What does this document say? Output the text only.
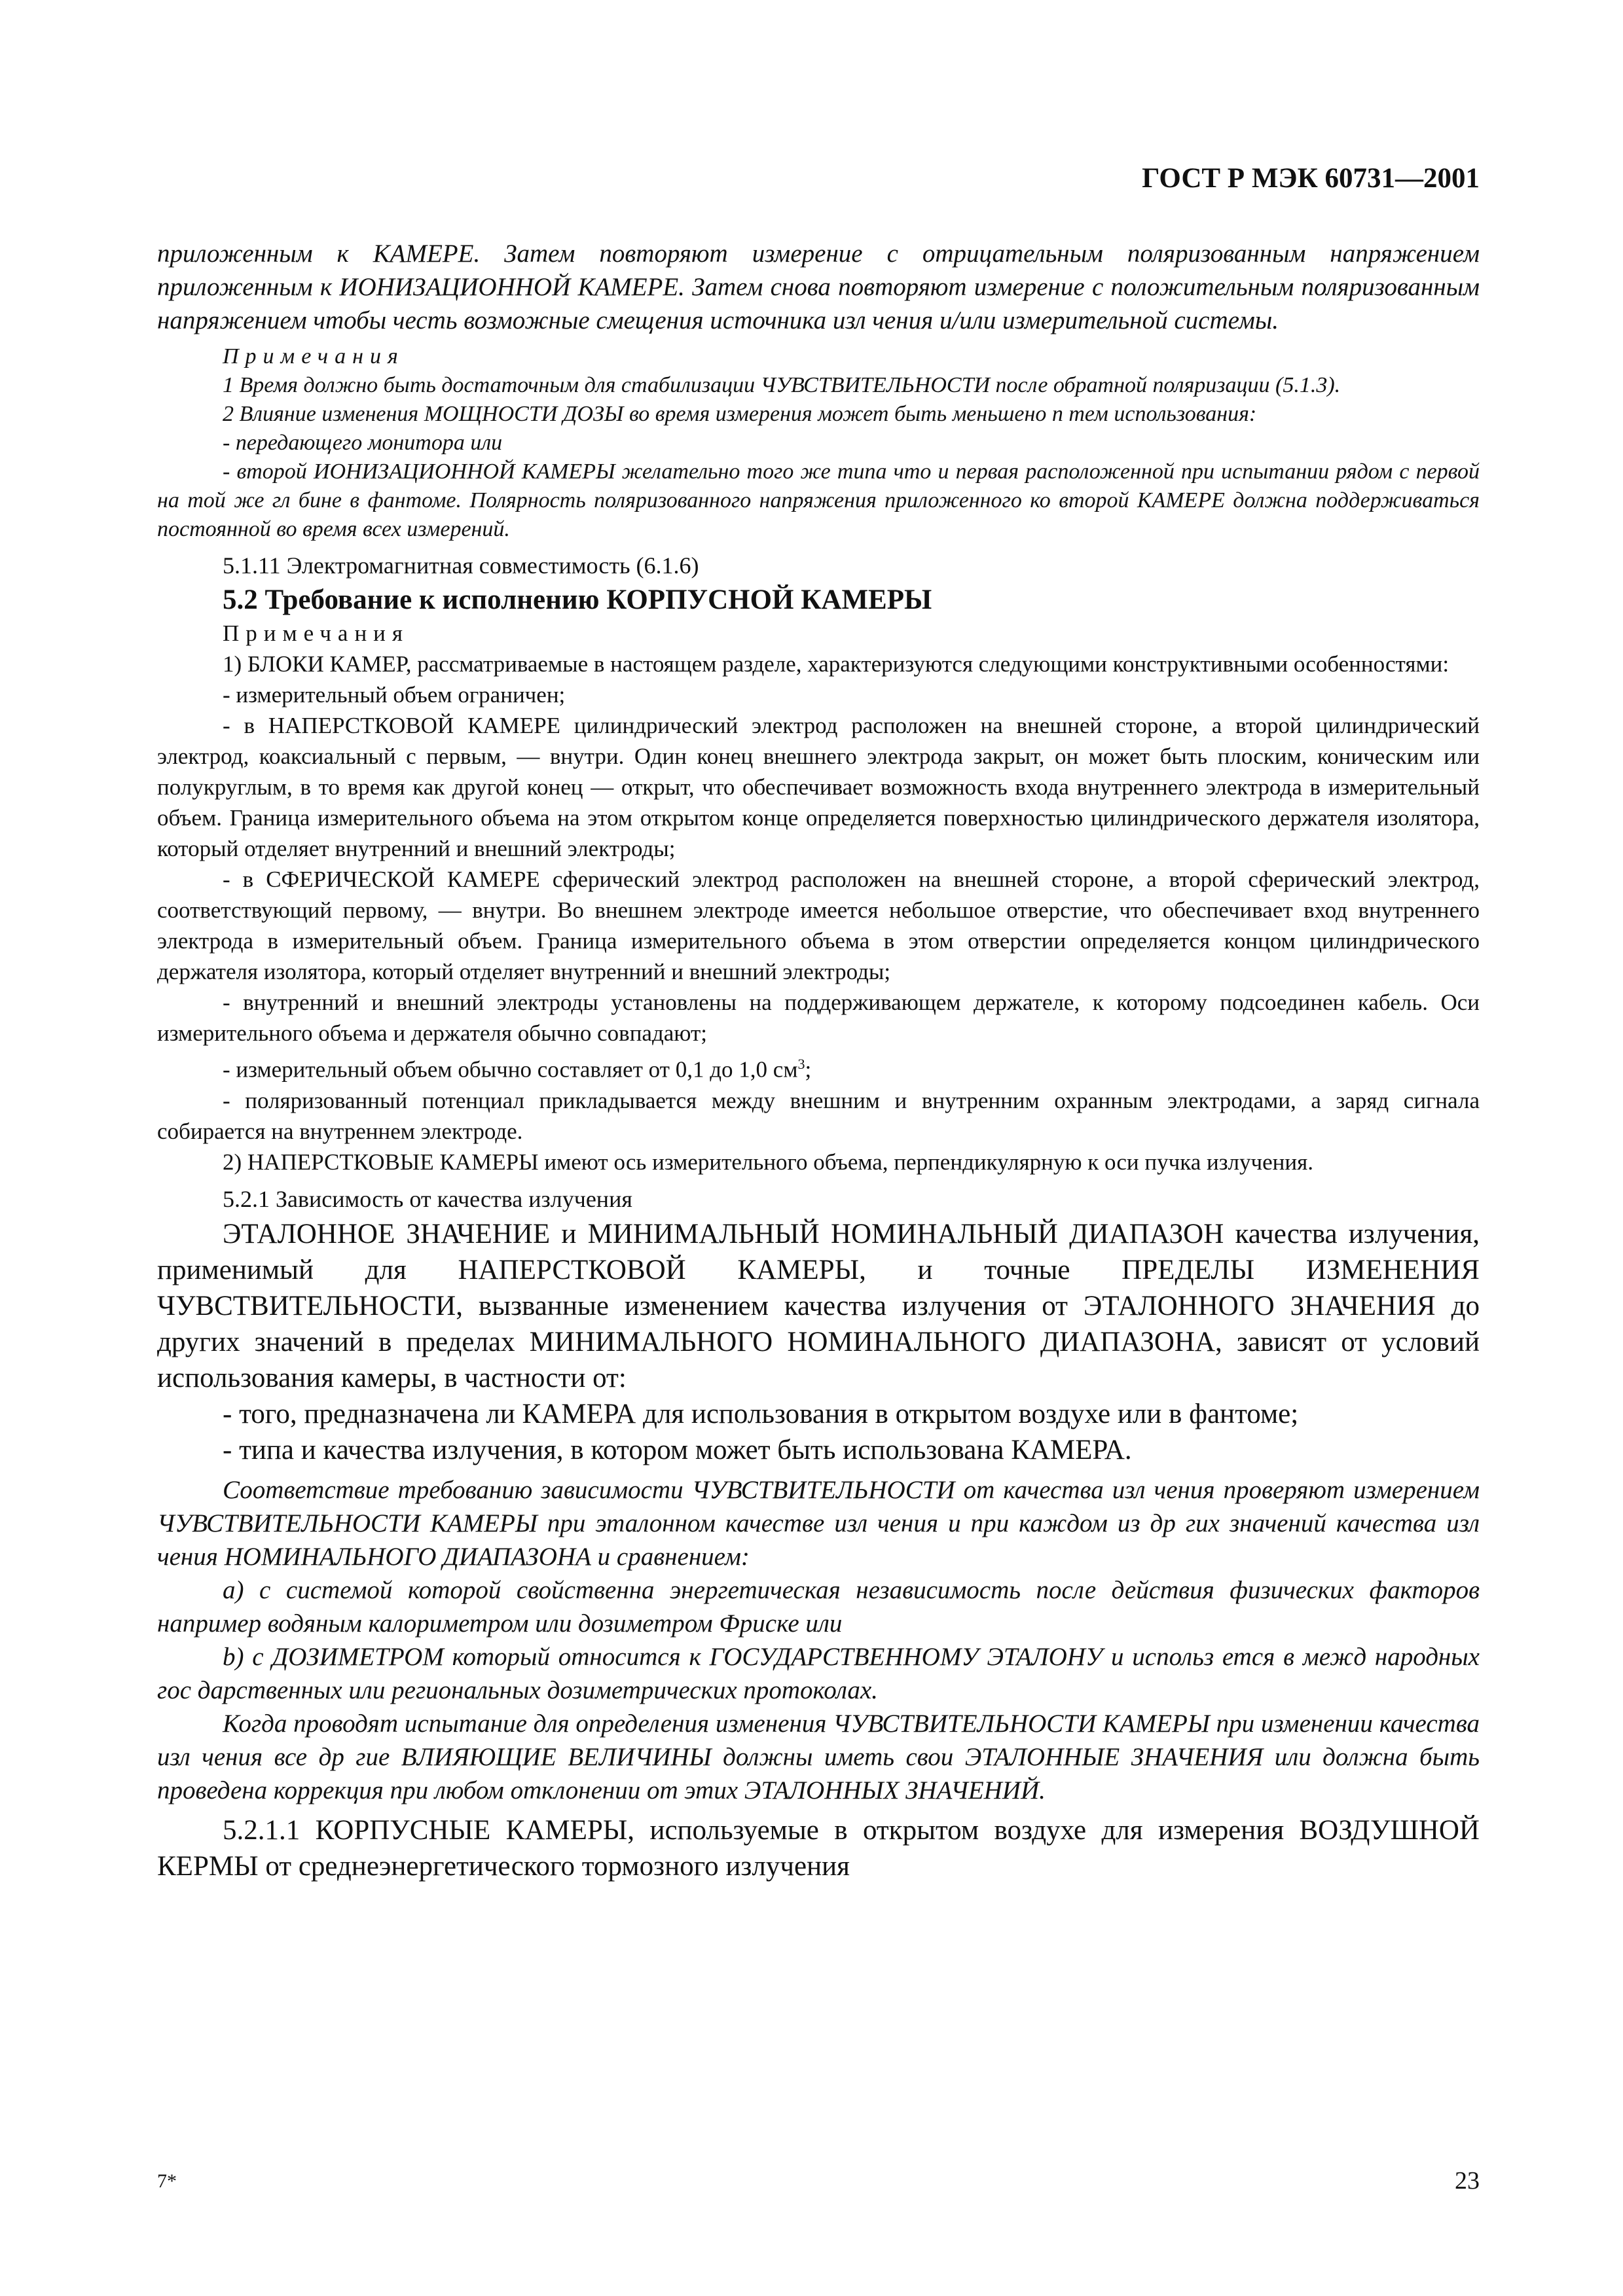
ГОСТ Р МЭК 60731—2001

приложенным к КАМЕРЕ. Затем повторяют измерение с отрицательным поляризованным напряжением приложенным к ИОНИЗАЦИОННОЙ КАМЕРЕ. Затем снова повторяют измерение с положительным поляризованным напряжением чтобы честь возможные смещения источника изл чения и/или измерительной системы.

Примечания

1 Время должно быть достаточным для стабилизации ЧУВСТВИТЕЛЬНОСТИ после обратной поляризации (5.1.3).

2 Влияние изменения МОЩНОСТИ ДОЗЫ во время измерения может быть меньшено п тем использования:

- передающего монитора или

- второй ИОНИЗАЦИОННОЙ КАМЕРЫ желательно того же типа что и первая расположенной при испытании рядом с первой на той же гл бине в фантоме. Полярность поляризованного напряжения приложенного ко второй КАМЕРЕ должна поддерживаться постоянной во время всех измерений.

5.1.11 Электромагнитная совместимость (6.1.6)

5.2 Требование к исполнению КОРПУСНОЙ КАМЕРЫ

Примечания

1) БЛОКИ КАМЕР, рассматриваемые в настоящем разделе, характеризуются следующими конструктивными особенностями:

- измерительный объем ограничен;

- в НАПЕРСТКОВОЙ КАМЕРЕ цилиндрический электрод расположен на внешней стороне, а второй цилиндрический электрод, коаксиальный с первым, — внутри. Один конец внешнего электрода закрыт, он может быть плоским, коническим или полукруглым, в то время как другой конец — открыт, что обеспечивает возможность входа внутреннего электрода в измерительный объем. Граница измерительного объема на этом открытом конце определяется поверхностью цилиндрического держателя изолятора, который отделяет внутренний и внешний электроды;

- в СФЕРИЧЕСКОЙ КАМЕРЕ сферический электрод расположен на внешней стороне, а второй сферический электрод, соответствующий первому, — внутри. Во внешнем электроде имеется небольшое отверстие, что обеспечивает вход внутреннего электрода в измерительный объем. Граница измерительного объема в этом отверстии определяется концом цилиндрического держателя изолятора, который отделяет внутренний и внешний электроды;

- внутренний и внешний электроды установлены на поддерживающем держателе, к которому подсоединен кабель. Оси измерительного объема и держателя обычно совпадают;

- измерительный объем обычно составляет от 0,1 до 1,0 $см^3$;

- поляризованный потенциал прикладывается между внешним и внутренним охранным электродами, а заряд сигнала собирается на внутреннем электроде.

2) НАПЕРСТКОВЫЕ КАМЕРЫ имеют ось измерительного объема, перпендикулярную к оси пучка излучения.

5.2.1 Зависимость от качества излучения

ЭТАЛОННОЕ ЗНАЧЕНИЕ и МИНИМАЛЬНЫЙ НОМИНАЛЬНЫЙ ДИАПАЗОН качества излучения, применимый для НАПЕРСТКОВОЙ КАМЕРЫ, и точные ПРЕДЕЛЫ ИЗМЕНЕНИЯ ЧУВСТВИТЕЛЬНОСТИ, вызванные изменением качества излучения от ЭТАЛОННОГО ЗНАЧЕНИЯ до других значений в пределах МИНИМАЛЬНОГО НОМИНАЛЬНОГО ДИАПАЗОНА, зависят от условий использования камеры, в частности от:

- того, предназначена ли КАМЕРА для использования в открытом воздухе или в фантоме;

- типа и качества излучения, в котором может быть использована КАМЕРА.

Соответствие требованию зависимости ЧУВСТВИТЕЛЬНОСТИ от качества изл чения проверяют измерением ЧУВСТВИТЕЛЬНОСТИ КАМЕРЫ при эталонном качестве изл чения и при каждом из др гих значений качества изл чения НОМИНАЛЬНОГО ДИАПАЗОНА и сравнением:

a) с системой которой свойственна энергетическая независимость после действия физических факторов например водяным калориметром или дозиметром Фриске или

b) с ДОЗИМЕТРОМ который относится к ГОСУДАРСТВЕННОМУ ЭТАЛОНУ и использ ется в межд народных гос дарственных или региональных дозиметрических протоколах.

Когда проводят испытание для определения изменения ЧУВСТВИТЕЛЬНОСТИ КАМЕРЫ при изменении качества изл чения все др гие ВЛИЯЮЩИЕ ВЕЛИЧИНЫ должны иметь свои ЭТАЛОННЫЕ ЗНАЧЕНИЯ или должна быть проведена коррекция при любом отклонении от этих ЭТАЛОННЫХ ЗНАЧЕНИЙ.

5.2.1.1 КОРПУСНЫЕ КАМЕРЫ, используемые в открытом воздухе для измерения ВОЗДУШНОЙ КЕРМЫ от среднеэнергетического тормозного излучения

7*	23
